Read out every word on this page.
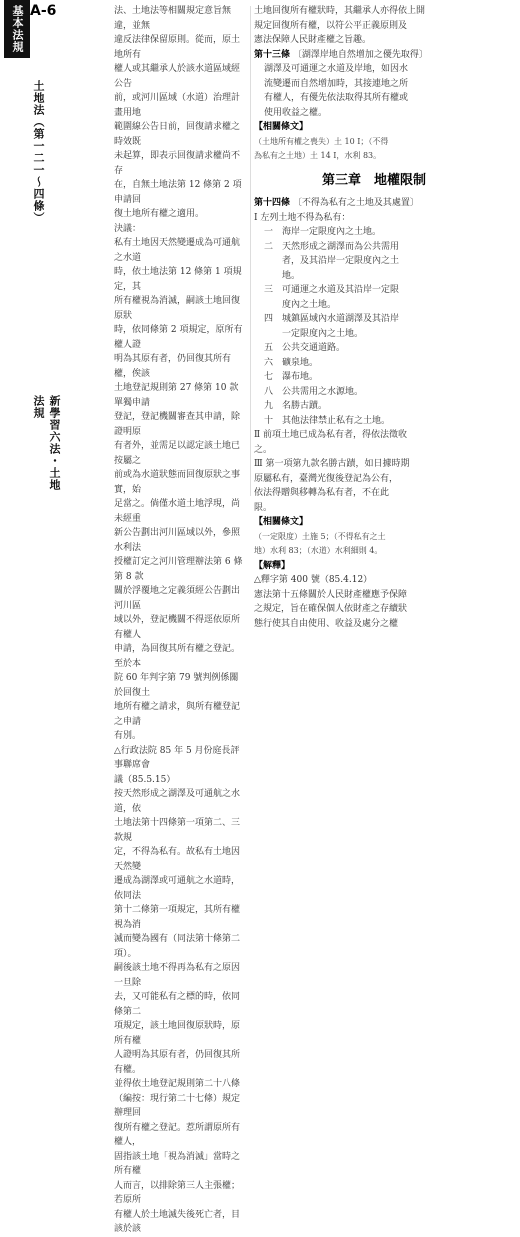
基本法規 A-6
土地法（第一二一～四條）
新學習六法・土地法規

法、土地法等相關規定意旨無違，並無

違反法律保留原則。從而，原土地所有

權人或其繼承人於該水道區域經公告

前，或河川區域（水道）治理計畫用地

範圍線公告日前，回復請求權之時效既

未起算，即表示回復請求權尚不存

在，自無土地法第 12 條第 2 項申請回

復土地所有權之適用。

決議：

私有土地因天然變遷成為可通航之水道

時，依土地法第 12 條第 1 項規定，其

所有權視為消滅，嗣該土地回復原狀

時，依同條第 2 項規定，原所有權人證

明為其原有者，仍回復其所有權，俟該

土地登記規則第 27 條第 10 款單獨申請

登記，登記機關審查其申請，除證明原

有者外，並需足以認定該土地已按屬之

前或為水道狀態而回復原狀之事實，始

足當之。倘僅水道土地浮現，尚未經重

新公告劃出河川區域以外，參照水利法

授權訂定之河川管理辦法第 6 條第 8 款

關於浮覆地之定義須經公告劃出河川區

域以外，登記機關不得逕依原所有權人

申請，為回復其所有權之登記。至於本

院 60 年判字第 79 號判例係關於回復土

地所有權之請求，與所有權登記之申請

有別。

△行政法院 85 年 5 月份庭長評事聯席會

議（85.5.15）

按天然形成之湖澤及可通航之水道，依

土地法第十四條第一項第二、三款規

定，不得為私有。故私有土地因天然變

遷成為湖澤或可通航之水道時，依同法

第十二條第一項規定，其所有權視為消

滅而變為國有（同法第十條第二項）。

嗣後該土地不得再為私有之原因一旦除

去，又可能私有之標的時，依同條第二

項規定，該土地回復原狀時，原所有權

人證明為其原有者，仍回復其所有權。

並得依土地登記規則第二十八條

（編按：現行第二十七條）規定辦理回

復所有權之登記。惹所謂原所有權人，

固指該土地「視為消滅」當時之所有權

人而言，以排除第三人主張權；若原所

有權人於土地滅失後死亡者，目該於該

土地回復所有權狀時，其繼承人亦得依上開

規定回復所有權，以符公平正義原則及

憲法保障人民財產權之旨趣。

第十三條 〔湖澤岸地自然增加之優先取得〕

湖澤及可通運之水道及岸地，如因水

流變遷而自然增加時，其接連地之所

有權人，有優先依法取得其所有權或

使用收益之權。

【相關條文】

（土地所有權之喪失）土 10 Ⅰ；（不得

為私有之土地）土 14 Ⅰ，水利 83。

第三章　地權限制

第十四條 〔不得為私有之土地及其處置〕

Ⅰ 左列土地不得為私有：

一　海岸一定限度內之土地。

二　天然形成之湖澤而為公共需用

　　者，及其沿岸一定限度內之土

　　地。

三　可通運之水道及其沿岸一定限

　　度內之土地。

四　城鎮區域內水道湖澤及其沿岸

　　一定限度內之土地。

五　公共交通道路。

六　礦泉地。

七　瀑布地。

八　公共需用之水源地。

九　名勝古蹟。

十　其他法律禁止私有之土地。

Ⅱ 前項土地已成為私有者，得依法徵收

之。

Ⅲ 第一項第九款名勝古蹟，如日據時期

原屬私有，臺灣光復後登記為公有，

依法得贈與移轉為私有者，不在此

限。

【相關條文】

（一定限度）土施 5；（不得私有之土

地）水利 83；（水道）水利細則 4。

【解釋】

△釋字第 400 號（85.4.12）

憲法第十五條關於人民財產權應予保障

之規定，旨在確保個人依財產之存續狀

態行使其自由使用、收益及處分之權
